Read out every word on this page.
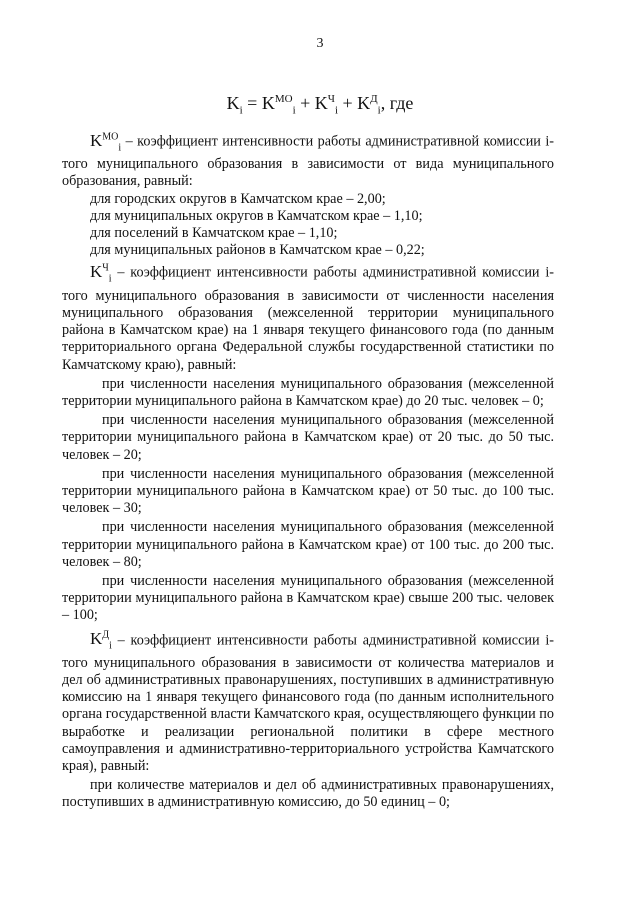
3
$K_i = K^{МО}_i + K^Ч_i + K^Д_i$, где

$K^{МО}_i$ – коэффициент интенсивности работы административной комиссии i-того муниципального образования в зависимости от вида муниципального образования, равный:

для городских округов в Камчатском крае – 2,00;

для муниципальных округов в Камчатском крае – 1,10;

для поселений в Камчатском крае – 1,10;

для муниципальных районов в Камчатском крае – 0,22;

$K^Ч_i$ – коэффициент интенсивности работы административной комиссии i-того муниципального образования в зависимости от численности населения муниципального образования (межселенной территории муниципального района в Камчатском крае) на 1 января текущего финансового года (по данным территориального органа Федеральной службы государственной статистики по Камчатскому краю), равный:

при численности населения муниципального образования (межселенной территории муниципального района в Камчатском крае) до 20 тыс. человек – 0;

при численности населения муниципального образования (межселенной территории муниципального района в Камчатском крае) от 20 тыс. до 50 тыс. человек – 20;

при численности населения муниципального образования (межселенной территории муниципального района в Камчатском крае) от 50 тыс. до 100 тыс. человек – 30;

при численности населения муниципального образования (межселенной территории муниципального района в Камчатском крае) от 100 тыс. до 200 тыс. человек – 80;

при численности населения муниципального образования (межселенной территории муниципального района в Камчатском крае) свыше 200 тыс. человек – 100;

$K^Д_i$ – коэффициент интенсивности работы административной комиссии i-того муниципального образования в зависимости от количества материалов и дел об административных правонарушениях, поступивших в административную комиссию на 1 января текущего финансового года (по данным исполнительного органа государственной власти Камчатского края, осуществляющего функции по выработке и реализации региональной политики в сфере местного самоуправления и административно-территориального устройства Камчатского края), равный:

при количестве материалов и дел об административных правонарушениях, поступивших в административную комиссию, до 50 единиц – 0;
